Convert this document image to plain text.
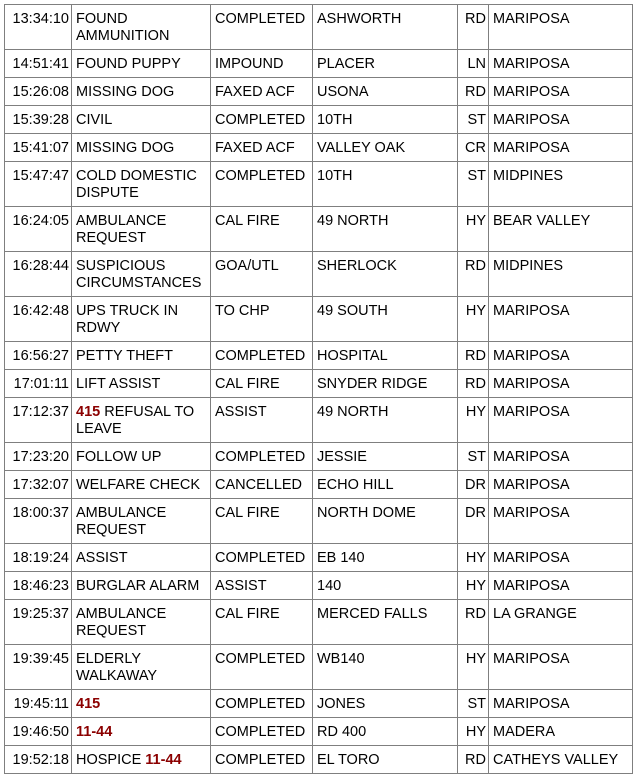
13:34:10	FOUND AMMUNITION	COMPLETED	ASHWORTH	RD	MARIPOSA
14:51:41	FOUND PUPPY	IMPOUND	PLACER	LN	MARIPOSA
15:26:08	MISSING DOG	FAXED ACF	USONA	RD	MARIPOSA
15:39:28	CIVIL	COMPLETED	10TH	ST	MARIPOSA
15:41:07	MISSING DOG	FAXED ACF	VALLEY OAK	CR	MARIPOSA
15:47:47	COLD DOMESTIC DISPUTE	COMPLETED	10TH	ST	MIDPINES
16:24:05	AMBULANCE REQUEST	CAL FIRE	49 NORTH	HY	BEAR VALLEY
16:28:44	SUSPICIOUS CIRCUMSTANCES	GOA/UTL	SHERLOCK	RD	MIDPINES
16:42:48	UPS TRUCK IN RDWY	TO CHP	49 SOUTH	HY	MARIPOSA
16:56:27	PETTY THEFT	COMPLETED	HOSPITAL	RD	MARIPOSA
17:01:11	LIFT ASSIST	CAL FIRE	SNYDER RIDGE	RD	MARIPOSA
17:12:37	415 REFUSAL TO LEAVE	ASSIST	49 NORTH	HY	MARIPOSA
17:23:20	FOLLOW UP	COMPLETED	JESSIE	ST	MARIPOSA
17:32:07	WELFARE CHECK	CANCELLED	ECHO HILL	DR	MARIPOSA
18:00:37	AMBULANCE REQUEST	CAL FIRE	NORTH DOME	DR	MARIPOSA
18:19:24	ASSIST	COMPLETED	EB 140	HY	MARIPOSA
18:46:23	BURGLAR ALARM	ASSIST	140	HY	MARIPOSA
19:25:37	AMBULANCE REQUEST	CAL FIRE	MERCED FALLS	RD	LA GRANGE
19:39:45	ELDERLY WALKAWAY	COMPLETED	WB140	HY	MARIPOSA
19:45:11	415	COMPLETED	JONES	ST	MARIPOSA
19:46:50	11-44	COMPLETED	RD 400	HY	MADERA
19:52:18	HOSPICE 11-44	COMPLETED	EL TORO	RD	CATHEYS VALLEY
